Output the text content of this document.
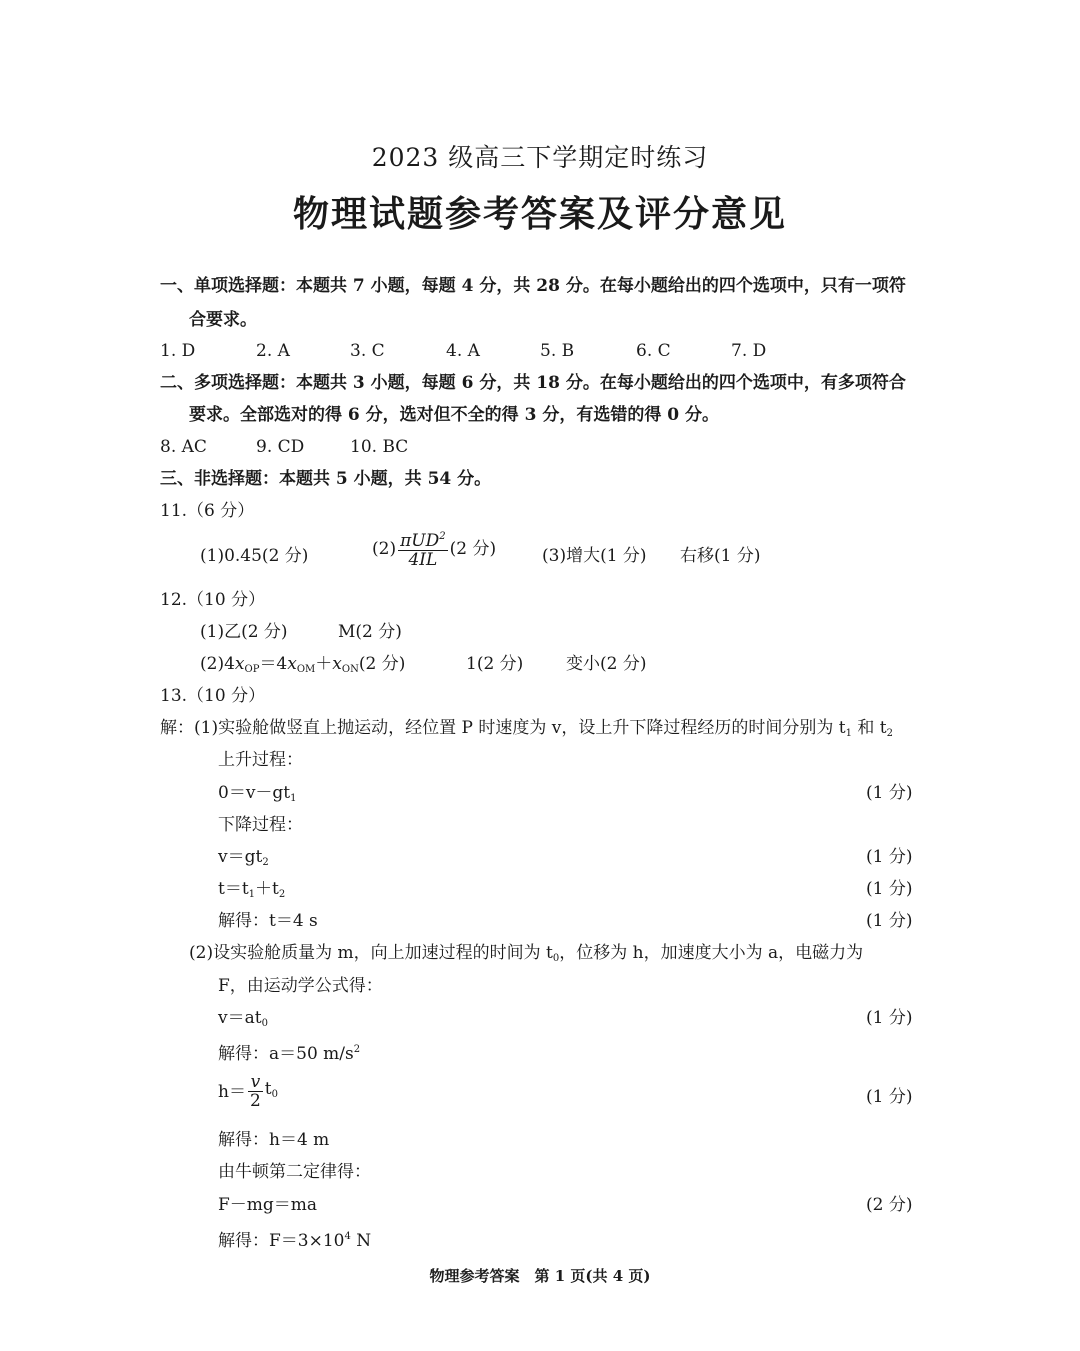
2023 级高三下学期定时练习
物理试题参考答案及评分意见
一、单项选择题：本题共 7 小题，每题 4 分，共 28 分。在每小题给出的四个选项中，只有一项符
合要求。
1. D	2. A	3. C	4. A	5. B	6. C	7. D
二、多项选择题：本题共 3 小题，每题 6 分，共 18 分。在每小题给出的四个选项中，有多项符合
要求。全部选对的得 6 分，选对但不全的得 3 分，有选错的得 0 分。
8. AC	9. CD	10. BC
三、非选择题：本题共 5 小题，共 54 分。
11.（6 分）
(1)0.45(2 分)	$(2) \frac{\pi UD^2}{4IL} (2$ 分)	(3)增大(1 分) 右移(1 分)
12.（10 分）
(1)乙(2 分)	M(2 分)
$(2)4x_{OP}=4x_{OM}+x_{ON}(2$ 分)	1(2 分)	变小(2 分)
13.（10 分）
解：(1)实验舱做竖直上抛运动，经位置 P 时速度为 v，设上升下降过程经历的时间分别为 $t_1$ 和 $t_2$
上升过程：
$0=v-gt_1$	(1 分)
下降过程：
$v=gt_2$	(1 分)
$t=t_1+t_2$	(1 分)
解得：t＝4 s	(1 分)
(2)设实验舱质量为 m，向上加速过程的时间为 $t_0$，位移为 h，加速度大小为 a，电磁力为
F，由运动学公式得：
$v=at_0$	(1 分)
解得：a＝50 $m/s^2$
$h= \frac{v}{2} t_0$	(1 分)
解得：h＝4 m
由牛顿第二定律得：
F－mg＝ma	(2 分)
解得：$F=3\times 10^4$ N
物理参考答案　第 1 页(共 4 页)
